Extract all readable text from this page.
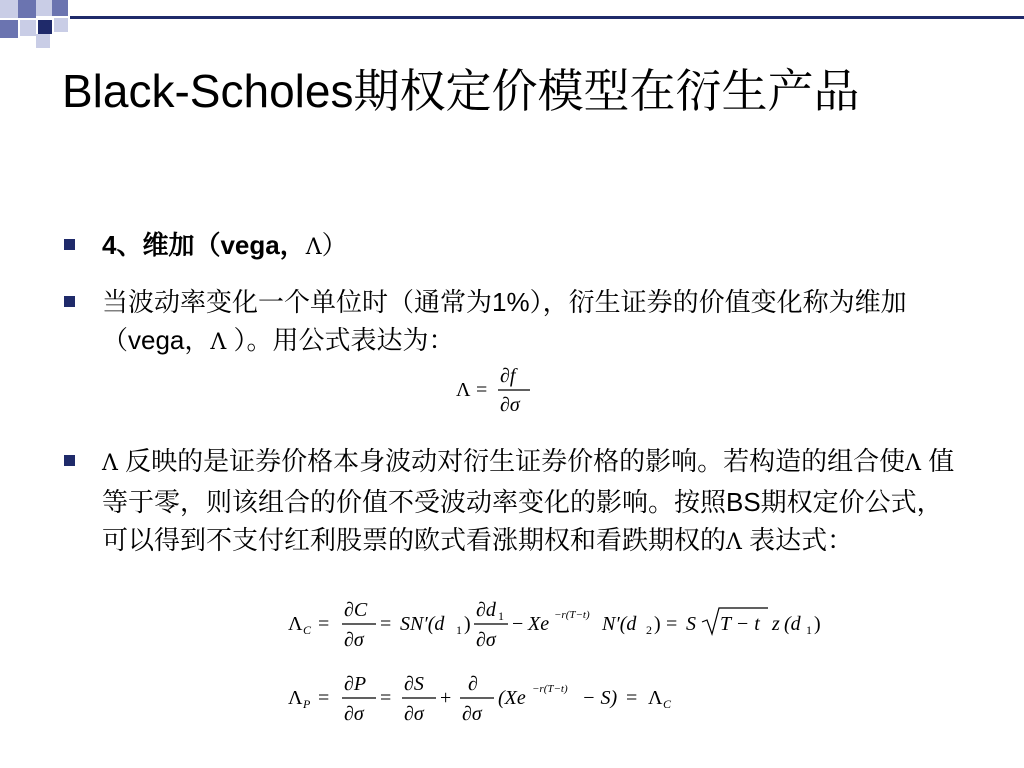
Black-Scholes期权定价模型在衍生产品
4、维加（vega，Λ）
当波动率变化一个单位时（通常为1%），衍生证券的价值变化称为维加（vega，Λ ）。用公式表达为：
Λ 反映的是证券价格本身波动对衍生证券价格的影响。若构造的组合使Λ 值等于零，则该组合的价值不受波动率变化的影响。按照BS期权定价公式，可以得到不支付红利股票的欧式看涨期权和看跌期权的Λ 表达式：
Λ =
∂f
∂σ
Λ C =
∂C
∂σ
= SN′(d 1 )
∂d 1
∂σ
− Xe −r(T−t) N′(d 2 ) = S T − t z (d 1 )
Λ P =
∂P
∂σ
=
∂S
∂σ
+
∂
∂σ
(Xe −r(T−t) − S) = Λ C
